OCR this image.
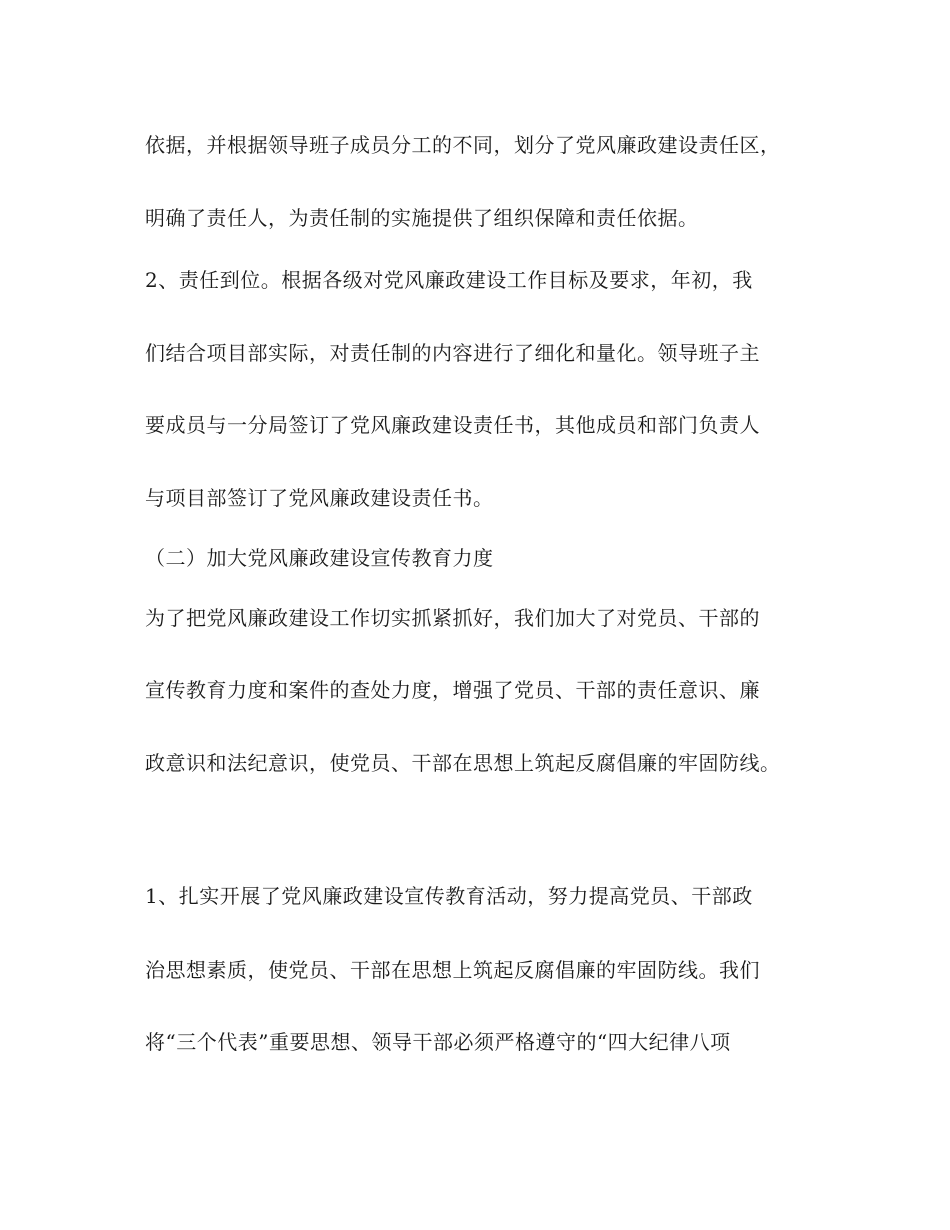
依据，并根据领导班子成员分工的不同，划分了党风廉政建设责任区，
明确了责任人，为责任制的实施提供了组织保障和责任依据。
2、责任到位。根据各级对党风廉政建设工作目标及要求，年初，我
们结合项目部实际，对责任制的内容进行了细化和量化。领导班子主
要成员与一分局签订了党风廉政建设责任书，其他成员和部门负责人
与项目部签订了党风廉政建设责任书。
（二）加大党风廉政建设宣传教育力度
为了把党风廉政建设工作切实抓紧抓好，我们加大了对党员、干部的
宣传教育力度和案件的查处力度，增强了党员、干部的责任意识、廉
政意识和法纪意识，使党员、干部在思想上筑起反腐倡廉的牢固防线。
1、扎实开展了党风廉政建设宣传教育活动，努力提高党员、干部政
治思想素质，使党员、干部在思想上筑起反腐倡廉的牢固防线。我们
将“三个代表”重要思想、领导干部必须严格遵守的“四大纪律八项
